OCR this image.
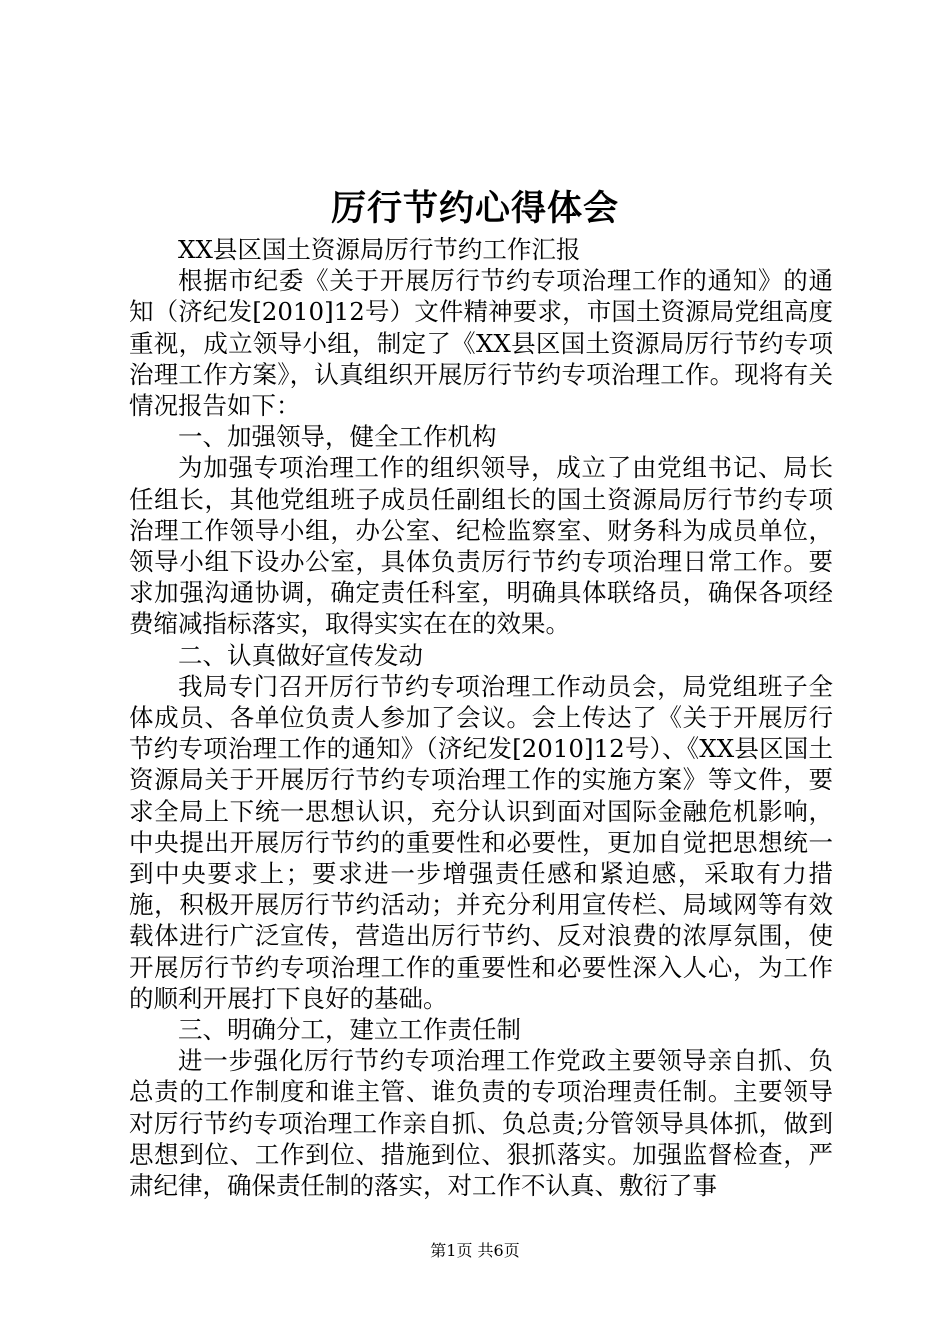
厉行节约心得体会

XX县区国土资源局厉行节约工作汇报

根据市纪委《关于开展厉行节约专项治理工作的通知》的通知（济纪发[2010]12号）文件精神要求，市国土资源局党组高度重视，成立领导小组，制定了《XX县区国土资源局厉行节约专项治理工作方案》，认真组织开展厉行节约专项治理工作。现将有关情况报告如下：

一、加强领导，健全工作机构

为加强专项治理工作的组织领导，成立了由党组书记、局长任组长，其他党组班子成员任副组长的国土资源局厉行节约专项治理工作领导小组，办公室、纪检监察室、财务科为成员单位，领导小组下设办公室，具体负责厉行节约专项治理日常工作。要求加强沟通协调，确定责任科室，明确具体联络员，确保各项经费缩减指标落实，取得实实在在的效果。

二、认真做好宣传发动

我局专门召开厉行节约专项治理工作动员会，局党组班子全体成员、各单位负责人参加了会议。会上传达了《关于开展厉行节约专项治理工作的通知》（济纪发[2010]12号）、《XX县区国土资源局关于开展厉行节约专项治理工作的实施方案》等文件，要求全局上下统一思想认识，充分认识到面对国际金融危机影响，中央提出开展厉行节约的重要性和必要性，更加自觉把思想统一到中央要求上；要求进一步增强责任感和紧迫感，采取有力措施，积极开展厉行节约活动；并充分利用宣传栏、局域网等有效载体进行广泛宣传，营造出厉行节约、反对浪费的浓厚氛围，使开展厉行节约专项治理工作的重要性和必要性深入人心，为工作的顺利开展打下良好的基础。

三、明确分工，建立工作责任制

进一步强化厉行节约专项治理工作党政主要领导亲自抓、负总责的工作制度和谁主管、谁负责的专项治理责任制。主要领导对厉行节约专项治理工作亲自抓、负总责;分管领导具体抓，做到思想到位、工作到位、措施到位、狠抓落实。加强监督检查，严肃纪律，确保责任制的落实，对工作不认真、敷衍了事

第1页 共6页
